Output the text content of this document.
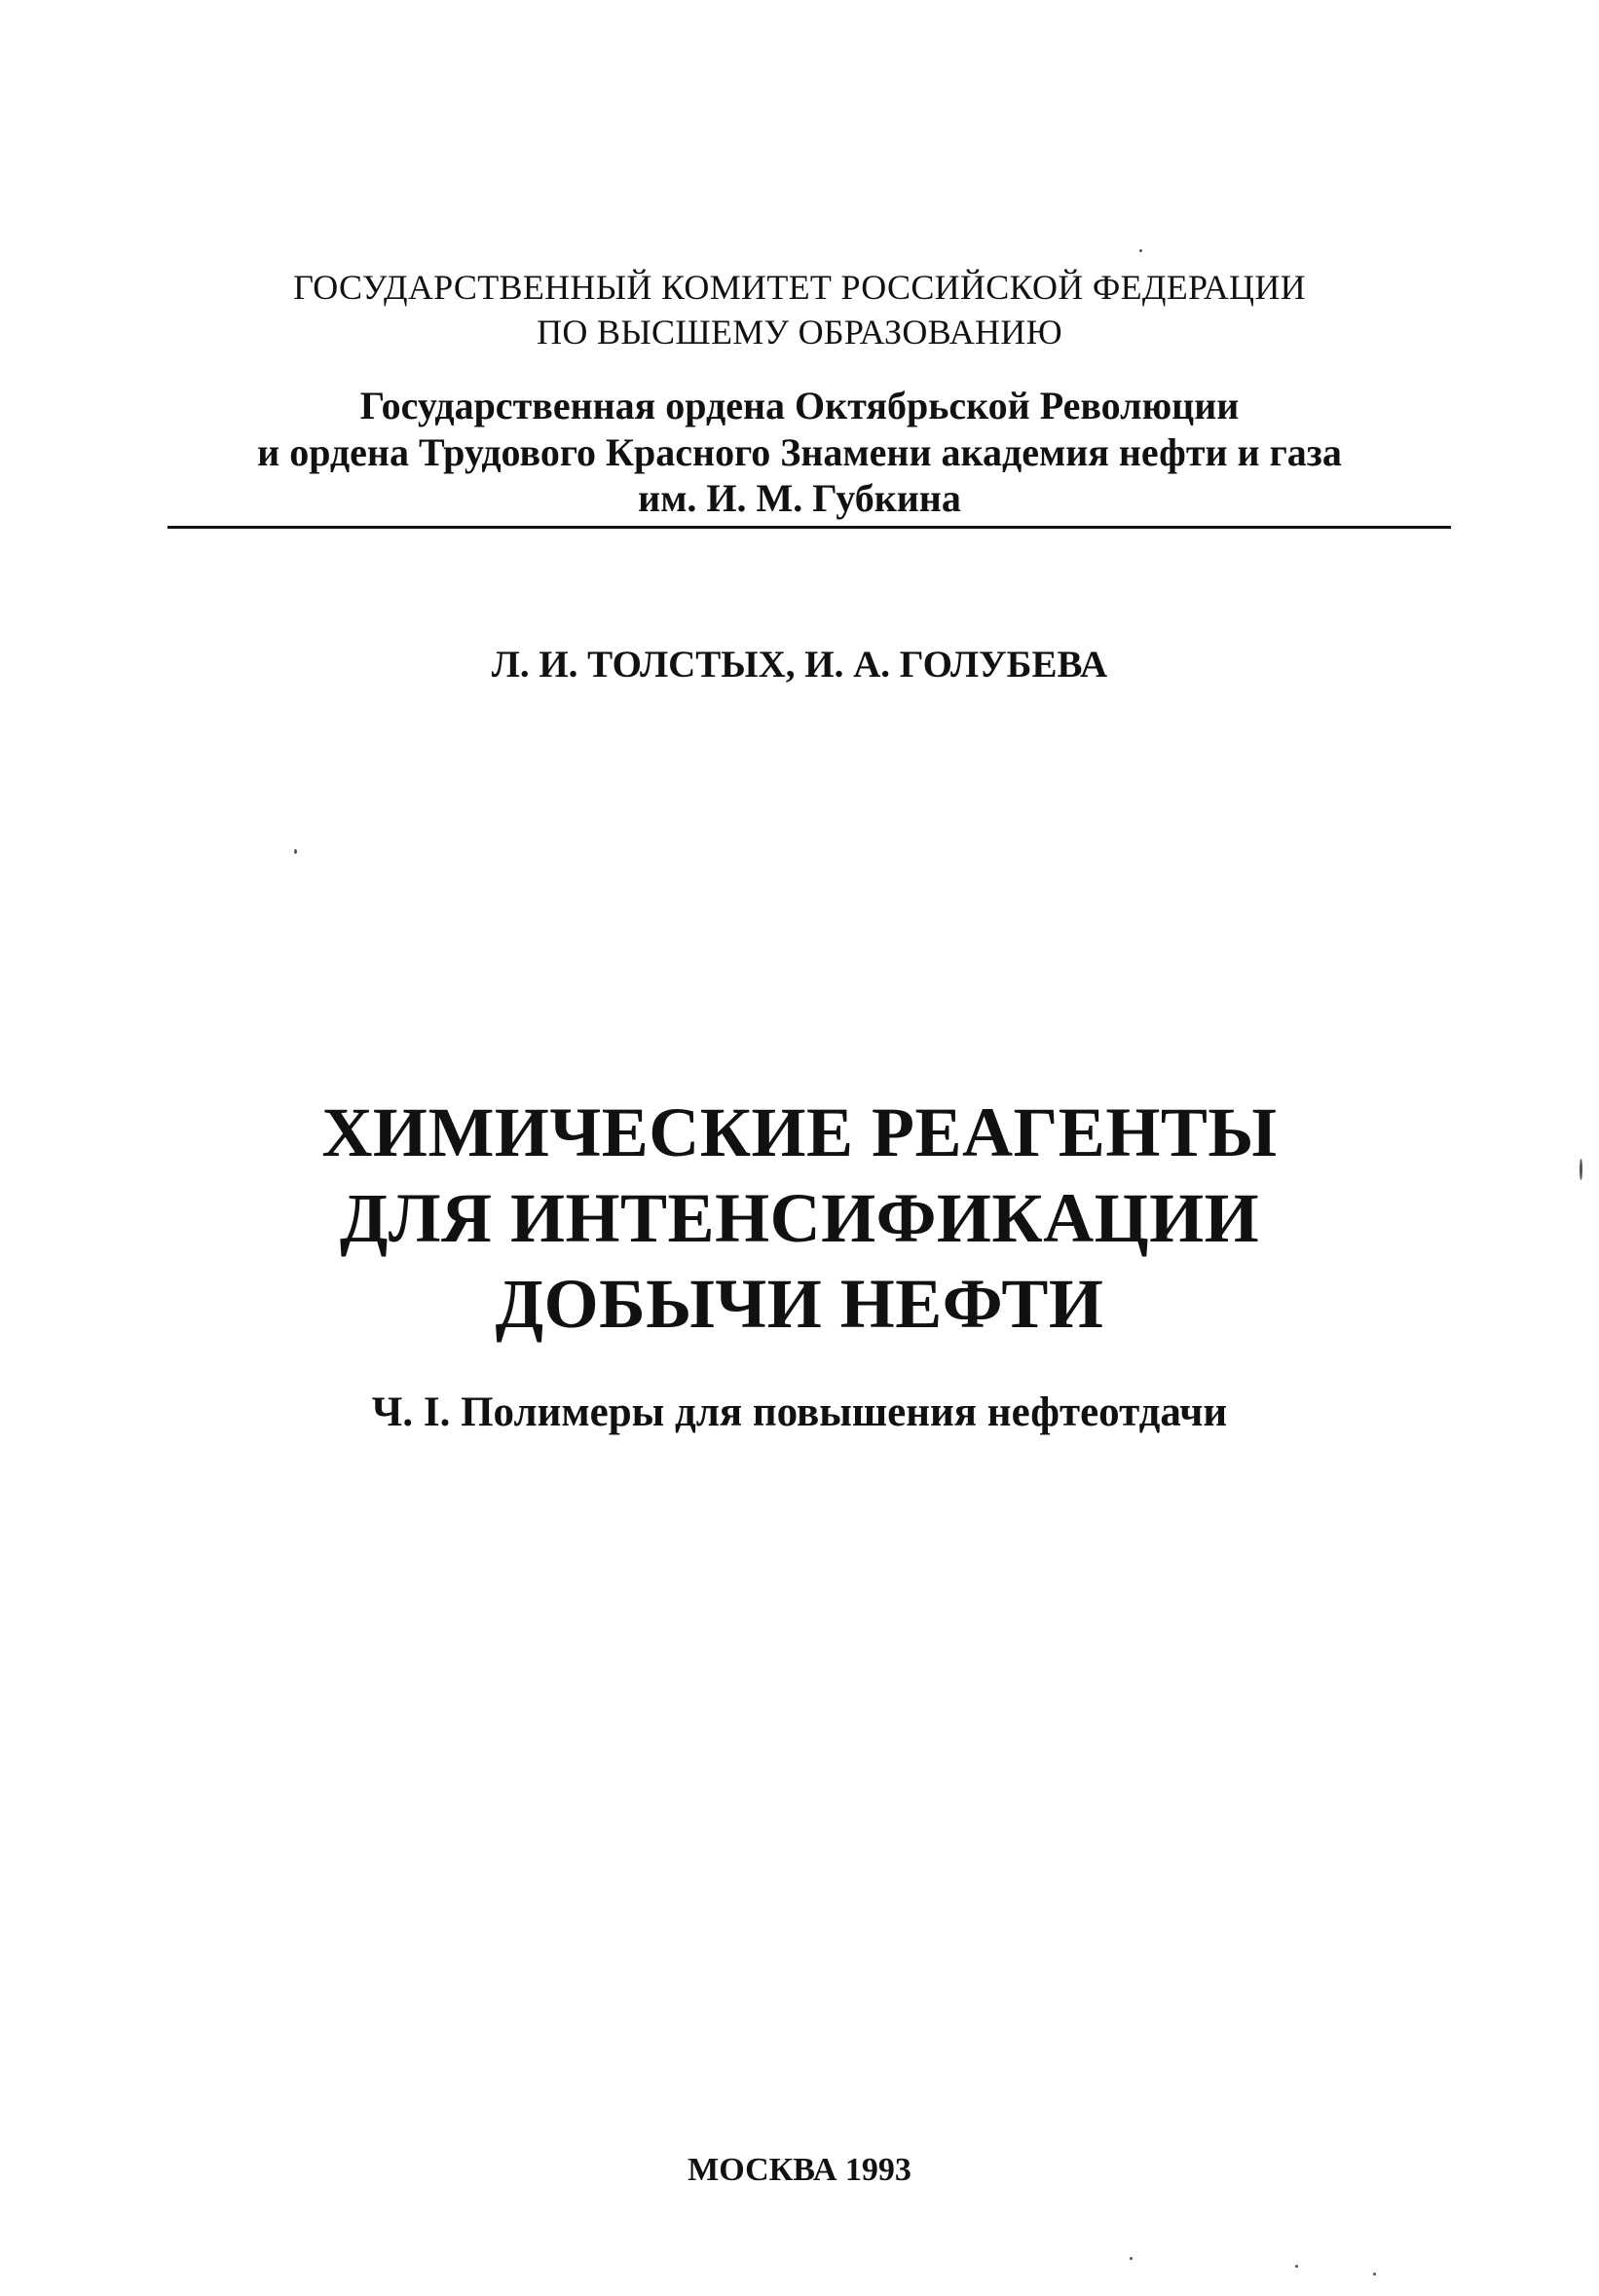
ГОСУДАРСТВЕННЫЙ КОМИТЕТ РОССИЙСКОЙ ФЕДЕРАЦИИ
ПО ВЫСШЕМУ ОБРАЗОВАНИЮ
Государственная ордена Октябрьской Революции
и ордена Трудового Красного Знамени академия нефти и газа
им. И. М. Губкина
Л. И. ТОЛСТЫХ, И. А. ГОЛУБЕВА
ХИМИЧЕСКИЕ РЕАГЕНТЫ
ДЛЯ ИНТЕНСИФИКАЦИИ
ДОБЫЧИ НЕФТИ
Ч. I. Полимеры для повышения нефтеотдачи
МОСКВА 1993
